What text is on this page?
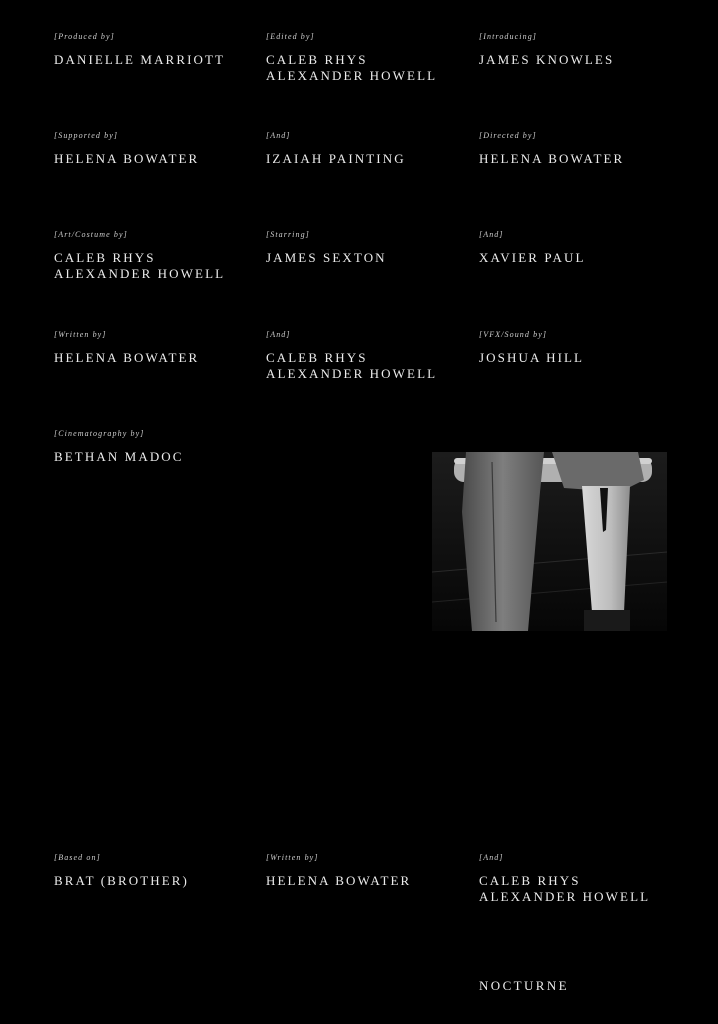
[Produced by]
DANIELLE MARRIOTT
[Edited by]
CALEB RHYS
ALEXANDER HOWELL
[Introducing]
JAMES KNOWLES
[Supported by]
HELENA BOWATER
[And]
IZAIAH PAINTING
[Directed by]
HELENA BOWATER
[Art/Costume by]
CALEB RHYS
ALEXANDER HOWELL
[Starring]
JAMES SEXTON
[And]
XAVIER PAUL
[Written by]
HELENA BOWATER
[And]
CALEB RHYS
ALEXANDER HOWELL
[VFX/Sound by]
JOSHUA HILL
[Cinematography by]
BETHAN MADOC
[Based on]
BRAT (BROTHER)
[Written by]
HELENA BOWATER
[And]
CALEB RHYS
ALEXANDER HOWELL
NOCTURNE
